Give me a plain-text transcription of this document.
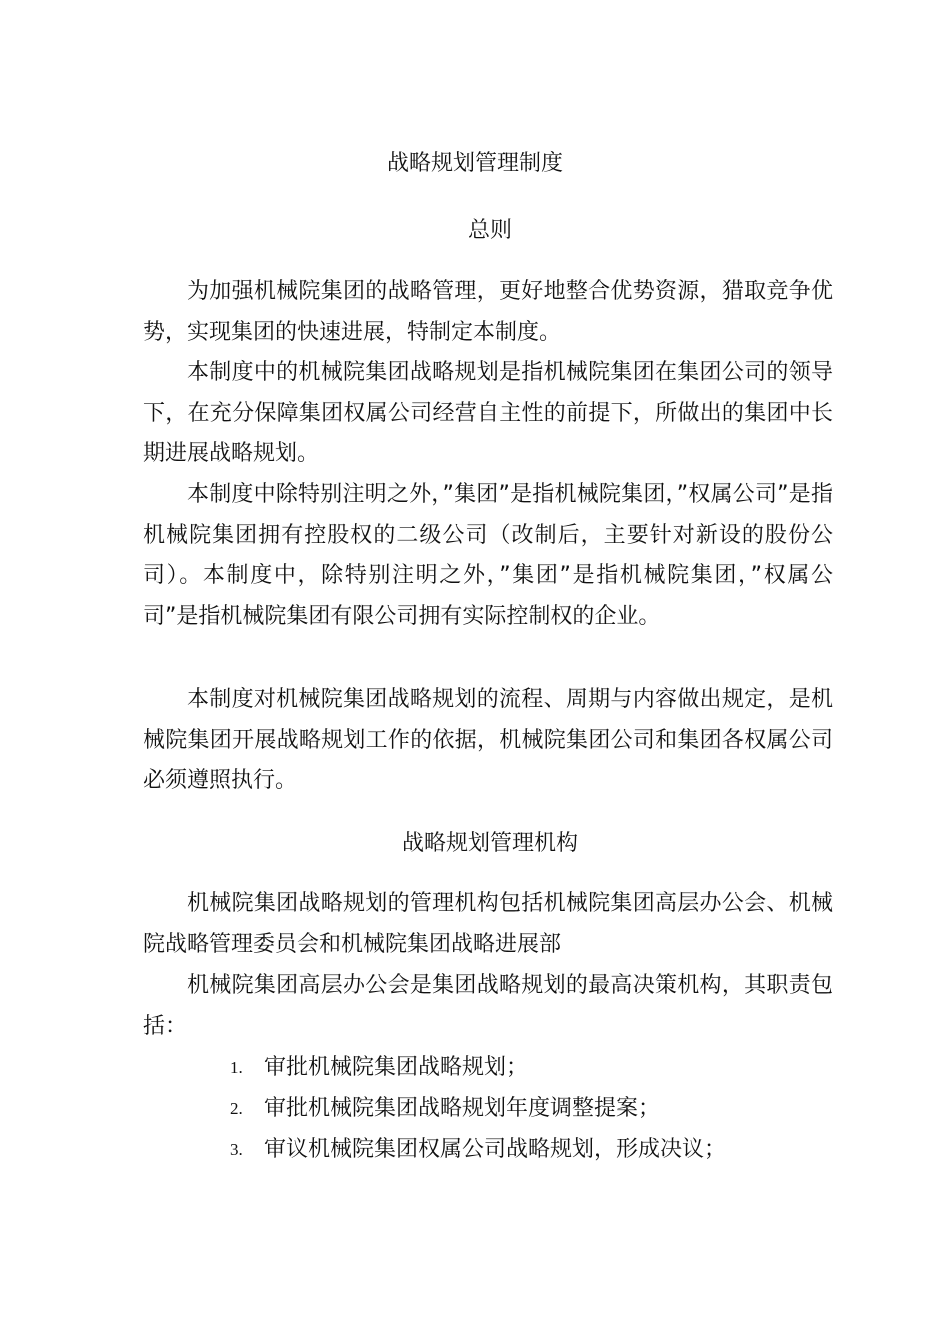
战略规划管理制度
总则

为加强机械院集团的战略管理，更好地整合优势资源，猎取竞争优势，实现集团的快速进展，特制定本制度。

本制度中的机械院集团战略规划是指机械院集团在集团公司的领导下，在充分保障集团权属公司经营自主性的前提下，所做出的集团中长期进展战略规划。

本制度中除特别注明之外，”集团”是指机械院集团，”权属公司”是指机械院集团拥有控股权的二级公司（改制后，主要针对新设的股份公司）。本制度中，除特别注明之外，”集团”是指机械院集团，”权属公司”是指机械院集团有限公司拥有实际控制权的企业。

本制度对机械院集团战略规划的流程、周期与内容做出规定，是机械院集团开展战略规划工作的依据，机械院集团公司和集团各权属公司必须遵照执行。

战略规划管理机构

机械院集团战略规划的管理机构包括机械院集团高层办公会、机械院战略管理委员会和机械院集团战略进展部

机械院集团高层办公会是集团战略规划的最高决策机构，其职责包括：

1. 审批机械院集团战略规划；
2. 审批机械院集团战略规划年度调整提案；
3. 审议机械院集团权属公司战略规划，形成决议；
